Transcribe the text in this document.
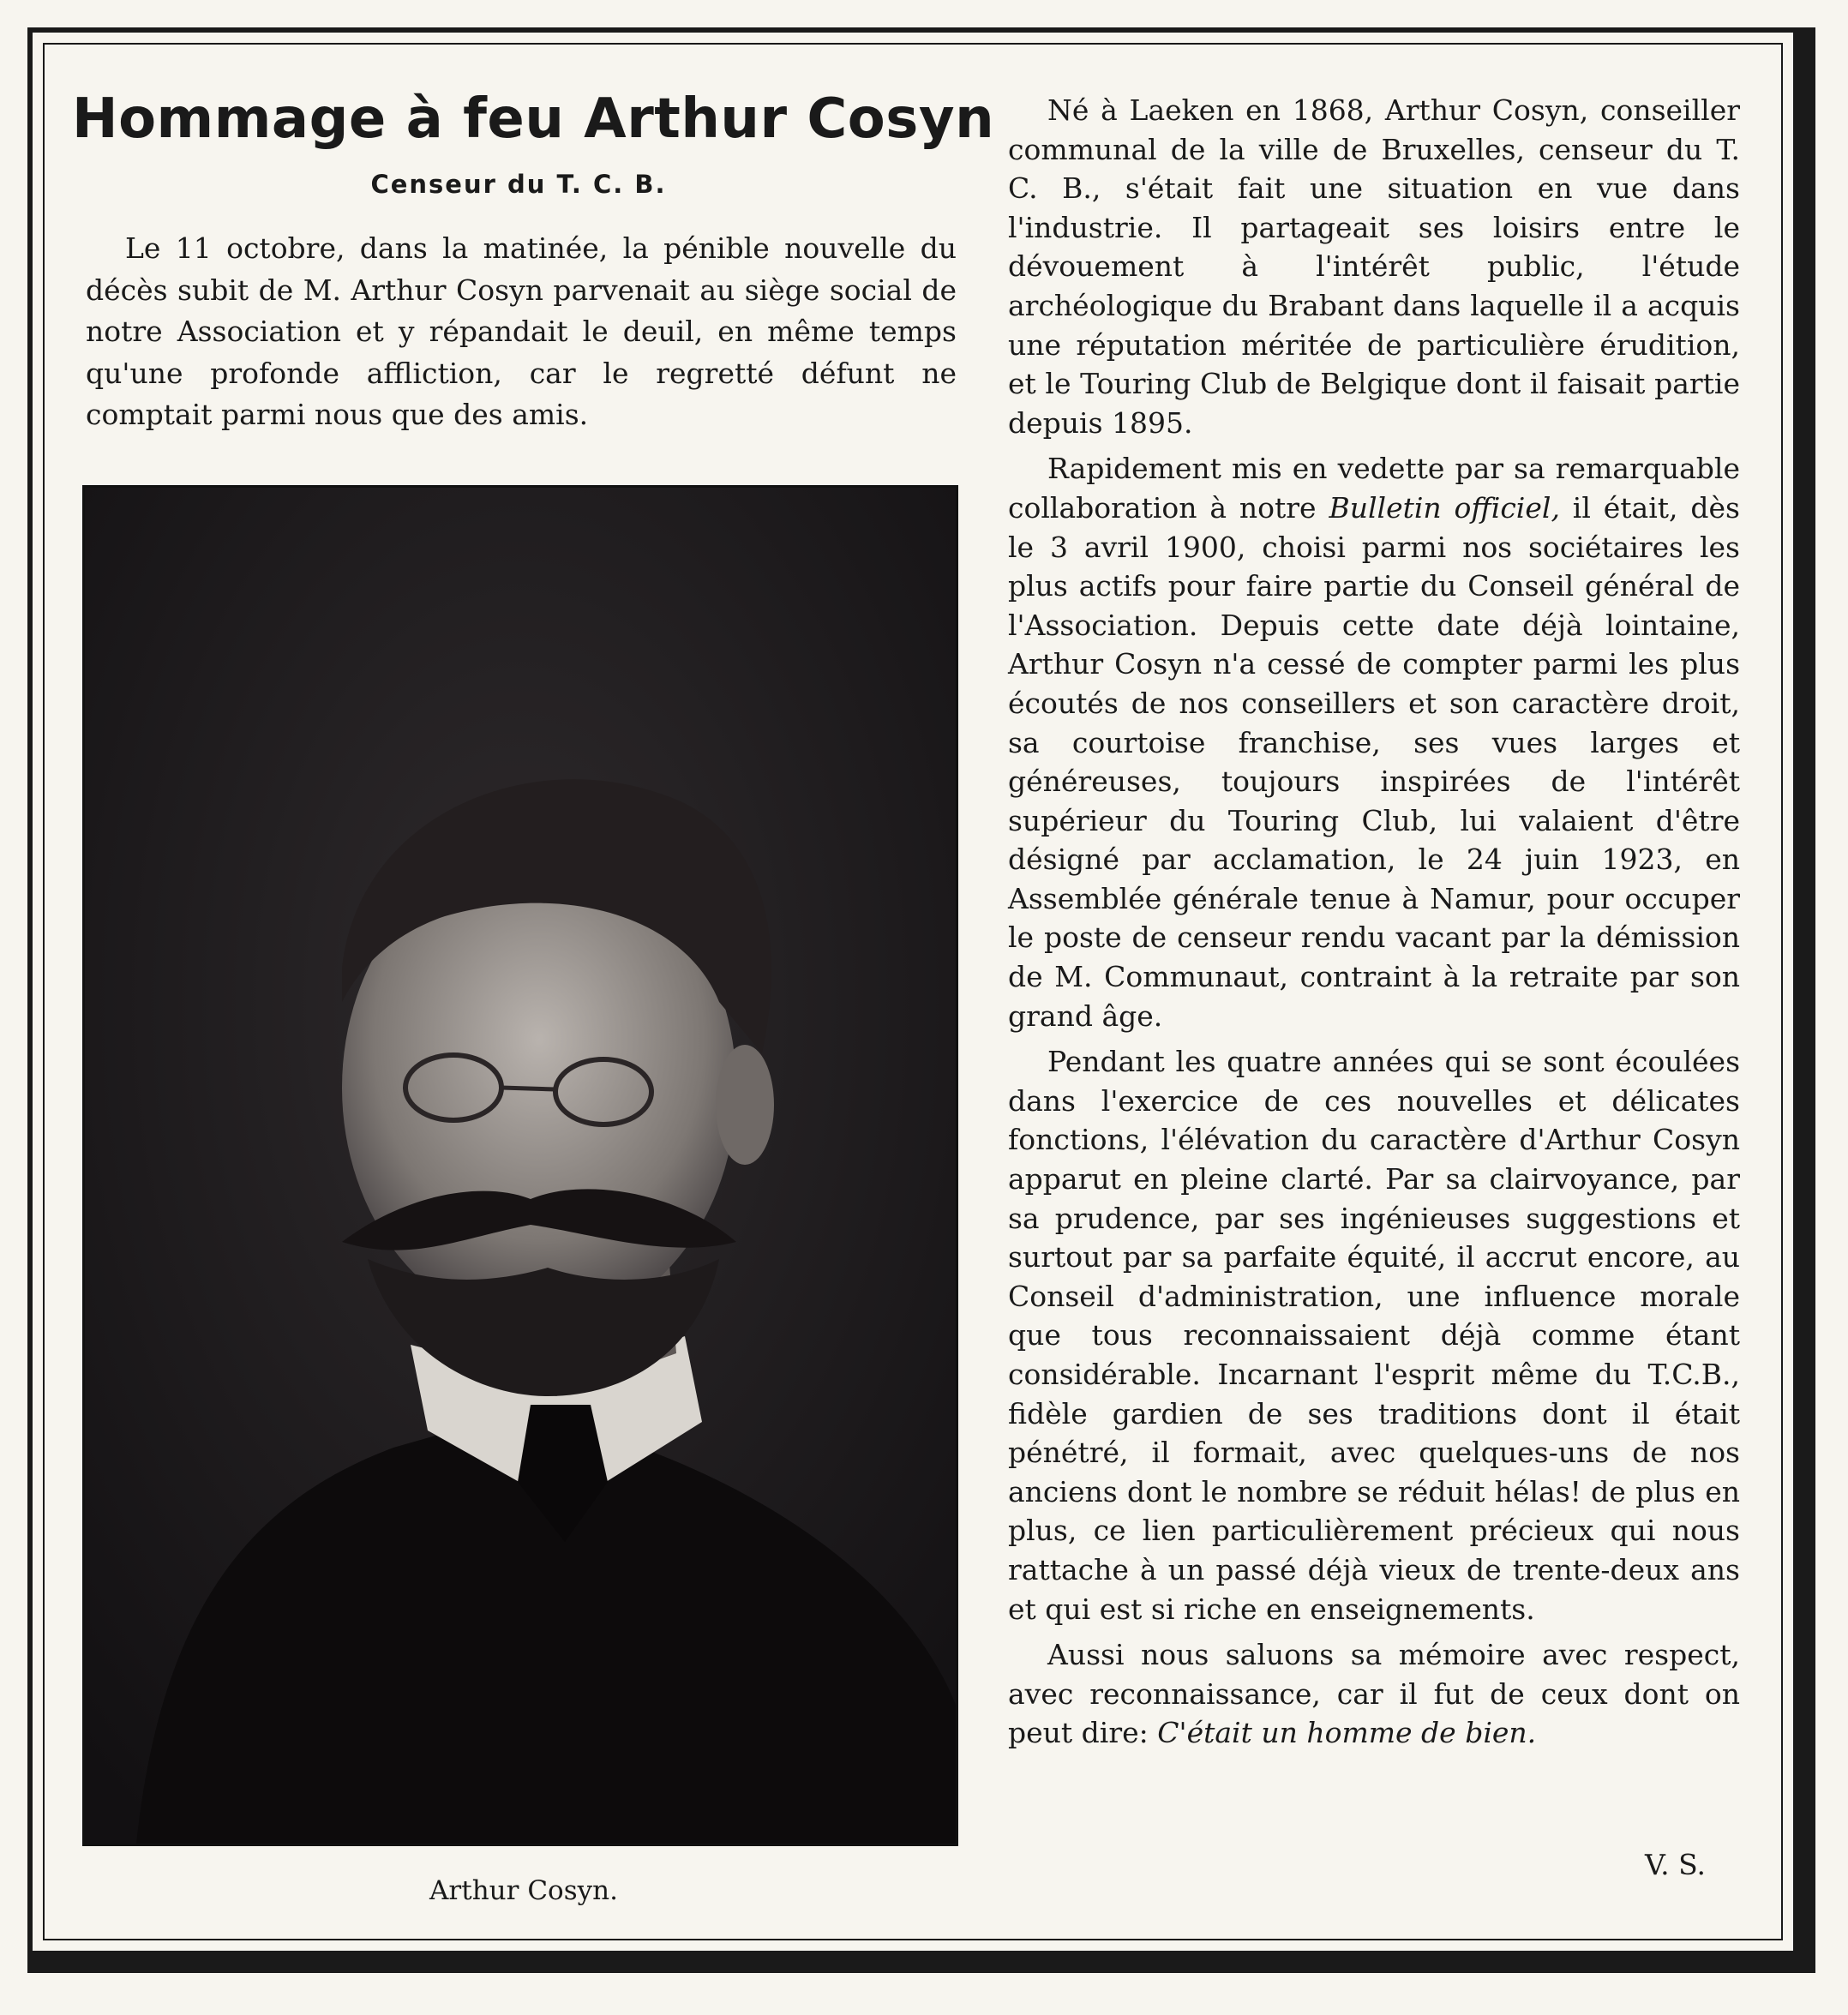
Hommage à feu Arthur Cosyn
Censeur du T. C. B.

Le 11 octobre, dans la matinée, la pénible nouvelle du décès subit de M. Arthur Cosyn parvenait au siège social de notre Association et y répandait le deuil, en même temps qu'une profonde affliction, car le regretté défunt ne comptait parmi nous que des amis.

Arthur Cosyn.

Né à Laeken en 1868, Arthur Cosyn, conseiller communal de la ville de Bruxelles, censeur du T. C. B., s'était fait une situation en vue dans l'industrie. Il partageait ses loisirs entre le dévouement à l'intérêt public, l'étude archéologique du Brabant dans laquelle il a acquis une réputation méritée de particulière érudition, et le Touring Club de Belgique dont il faisait partie depuis 1895.

Rapidement mis en vedette par sa remarquable collaboration à notre Bulletin officiel, il était, dès le 3 avril 1900, choisi parmi nos sociétaires les plus actifs pour faire partie du Conseil général de l'Association. Depuis cette date déjà lointaine, Arthur Cosyn n'a cessé de compter parmi les plus écoutés de nos conseillers et son caractère droit, sa courtoise franchise, ses vues larges et généreuses, toujours inspirées de l'intérêt supérieur du Touring Club, lui valaient d'être désigné par acclamation, le 24 juin 1923, en Assemblée générale tenue à Namur, pour occuper le poste de censeur rendu vacant par la démission de M. Communaut, contraint à la retraite par son grand âge.

Pendant les quatre années qui se sont écoulées dans l'exercice de ces nouvelles et délicates fonctions, l'élévation du caractère d'Arthur Cosyn apparut en pleine clarté. Par sa clairvoyance, par sa prudence, par ses ingénieuses suggestions et surtout par sa parfaite équité, il accrut encore, au Conseil d'administration, une influence morale que tous reconnaissaient déjà comme étant considérable. Incarnant l'esprit même du T.C.B., fidèle gardien de ses traditions dont il était pénétré, il formait, avec quelques-uns de nos anciens dont le nombre se réduit hélas! de plus en plus, ce lien particulièrement précieux qui nous rattache à un passé déjà vieux de trente-deux ans et qui est si riche en enseignements.

Aussi nous saluons sa mémoire avec respect, avec reconnaissance, car il fut de ceux dont on peut dire: C'était un homme de bien.

V. S.
